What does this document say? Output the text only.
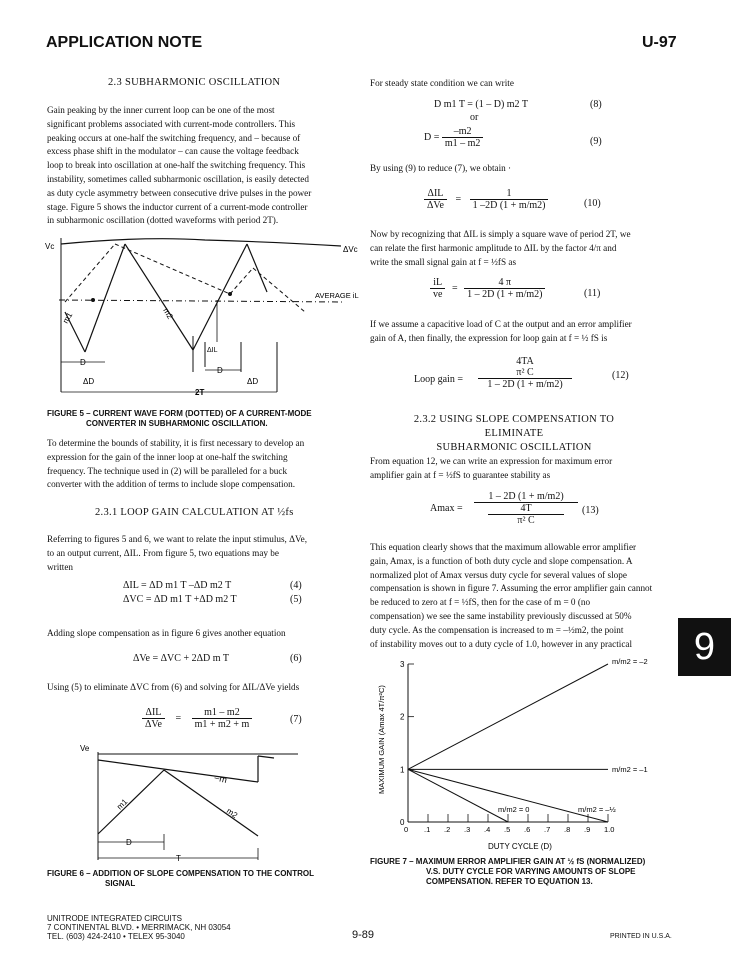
APPLICATION NOTE	U-97
2.3 SUBHARMONIC OSCILLATION
Gain peaking by the inner current loop can be one of the most
significant problems associated with current-mode controllers. This
peaking occurs at one-half the switching frequency, and – because of
excess phase shift in the modulator – can cause the voltage feedback
loop to break into oscillation at one-half the switching frequency. This
instability, sometimes called subharmonic oscillation, is easily detected
as duty cycle asymmetry between consecutive drive pulses in the power
stage. Figure 5 shows the inductor current of a current-mode controller
in subharmonic oscillation (dotted waveforms with period 2T).
Vc	ΔVc
AVERAGE iL
m1	m2
ΔIL
D
D
ΔD	ΔD
2T
FIGURE 5 – CURRENT WAVE FORM (DOTTED) OF A CURRENT-MODE
CONVERTER IN SUBHARMONIC OSCILLATION.
To determine the bounds of stability, it is first necessary to develop an
expression for the gain of the inner loop at one-half the switching
frequency. The technique used in (2) will be paralleled for a buck
converter with the addition of terms to include slope compensation.
2.3.1 LOOP GAIN CALCULATION AT ½fs
Referring to figures 5 and 6, we want to relate the input stimulus, ΔVe,
to an output current, ΔIL. From figure 5, two equations may be
written
ΔIL = ΔD m1 T –ΔD m2 T	(4)
ΔVC = ΔD m1 T +ΔD m2 T	(5)
Adding slope compensation as in figure 6 gives another equation
ΔVe = ΔVC + 2ΔD m T	(6)
Using (5) to eliminate ΔVC from (6) and solving for ΔIL/ΔVe yields
$\frac{\text{ΔIL}}{\text{ΔVe}} = \frac{m1 - m2}{m1 + m2 + m}$	(7)
Ve
–m
m1
m2
D
T
FIGURE 6 – ADDITION OF SLOPE COMPENSATION TO THE CONTROL
SIGNAL
For steady state condition we can write
D m1 T = (1 – D) m2 T	(8)
or
$D = \frac{-m2}{m1 - m2}$	(9)
By using (9) to reduce (7), we obtain ·
$\frac{\text{ΔIL}}{\text{ΔVe}} = \frac{1}{1 -2D (1 + m/m2)}$	(10)
Now by recognizing that ΔIL is simply a square wave of period 2T, we
can relate the first harmonic amplitude to ΔIL by the factor 4/π and
write the small signal gain at f = ½fS as
$\frac{iL}{ve} = \frac{4 \pi}{1 - 2D (1 + m/m2)}$	(11)
If we assume a capacitive load of C at the output and an error amplifier
gain of A, then finally, the expression for loop gain at f = ½ fS is
Loop gain =
4TA
π² C
1 – 2D (1 + m/m2)
(12)
2.3.2 USING SLOPE COMPENSATION TO ELIMINATE
SUBHARMONIC OSCILLATION
From equation 12, we can write an expression for maximum error
amplifier gain at f = ½fS to guarantee stability as
Amax =
1 – 2D (1 + m/m2)
4T
π² C
(13)
This equation clearly shows that the maximum allowable error amplifier
gain, Amax, is a function of both duty cycle and slope compensation. A
normalized plot of Amax versus duty cycle for several values of slope
compensation is shown in figure 7. Assuming the error amplifier gain cannot
be reduced to zero at f = ½fS, then for the case of m = 0 (no
compensation) we see the same instability previously discussed at 50%
duty cycle. As the compensation is increased to m = –½m2, the point
of instability moves out to a duty cycle of 1.0, however in any practical
0 .1 .2 .3 .4 .5 .6 .7 .8 .9 1.0
0
1
2
3	m/m2 = –2
m/m2 = –1
m/m2 = –½
m/m2 = 0
DUTY CYCLE (D)
MAXIMUM GAIN (Amax 4T/π²C)
FIGURE 7 – MAXIMUM ERROR AMPLIFIER GAIN AT ½ fS (NORMALIZED)
V.S. DUTY CYCLE FOR VARYING AMOUNTS OF SLOPE
COMPENSATION. REFER TO EQUATION 13.
9
UNITRODE INTEGRATED CIRCUITS
7 CONTINENTAL BLVD. • MERRIMACK, NH 03054
TEL. (603) 424-2410 • TELEX 95-3040	9-89	PRINTED IN U.S.A.
